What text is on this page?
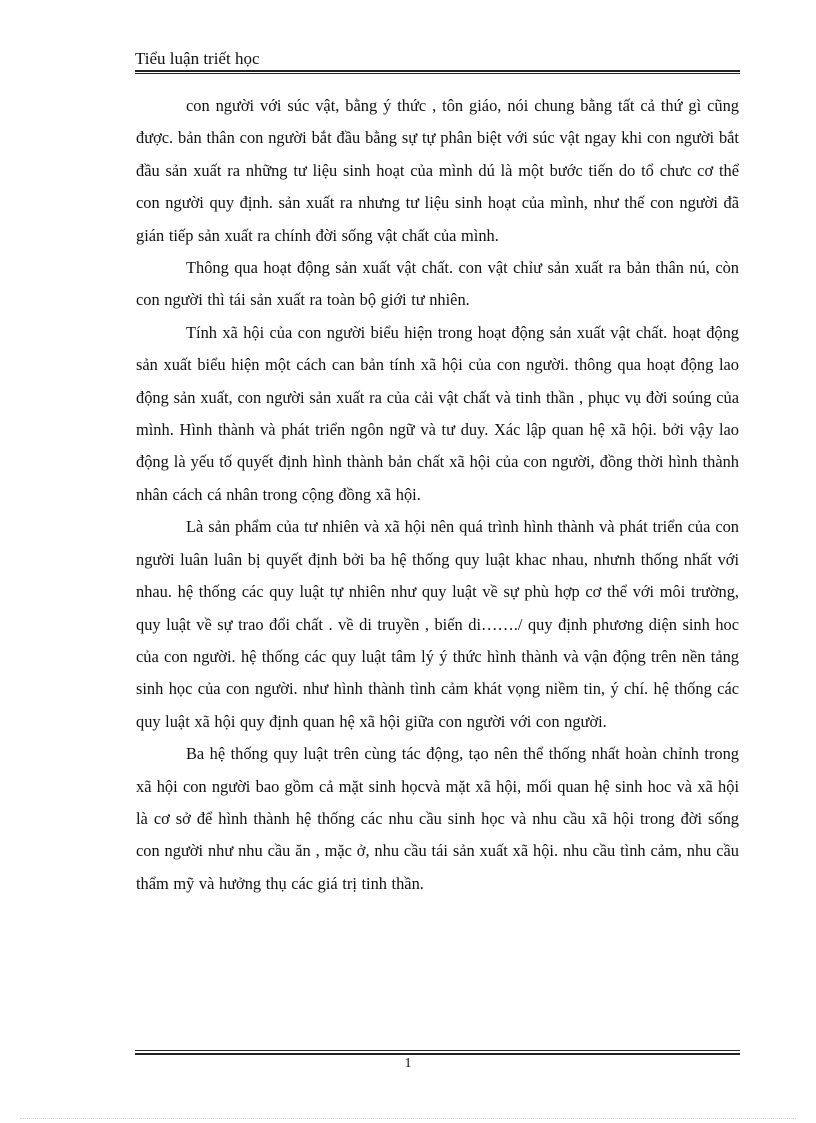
Tiểu luận triết học

con người với súc vật, bằng ý thức , tôn giáo, nói chung bằng tất cả thứ gì cũng được. bản thân con người bắt đầu bằng sự tự phân biệt với súc vật ngay khi con người bắt đầu sản xuất ra những tư liệu sinh hoạt của mình dú là một bước tiến do tổ chưc cơ thể con người quy định. sản xuất ra nhưng tư liệu sinh hoạt của mình, như thế con người đã gián tiếp sản xuất ra chính đời sống vật chất của mình.

Thông qua hoạt động sản xuất vật chất. con vật chỉư sản xuất ra bản thân nú, còn con người thì tái sản xuất ra toàn bộ giới tư nhiên.

Tính xã hội của con người biểu hiện trong hoạt động sản xuất vật chất. hoạt động sản xuất biểu hiện một cách can bản tính xã hội của con người. thông qua hoạt động lao động sản xuất, con người sản xuất ra của cải vật chất và tinh thần , phục vụ đời soúng của mình. Hình thành và phát triển ngôn ngữ và tư duy. Xác lập quan hệ xã hội. bởi vậy lao động là yếu tố quyết định hình thành bản chất xã hội của con người, đồng thời hình thành nhân cách cá nhân trong cộng đồng xã hội.

Là sản phẩm của tư nhiên và xã hội nên quá trình hình thành và phát triển của con người luân luân bị quyết định bởi ba hệ thống quy luật khac nhau, nhưnh thống nhất với nhau. hệ thống các quy luật tự nhiên như quy luật về sự phù hợp cơ thể với môi trường, quy luật về sự trao đổi chất . về di truyền , biến di……./ quy định phương diện sinh hoc của con người. hệ thống các quy luật tâm lý ý thức hình thành và vận động trên nền tảng sinh học của con người. như hình thành tình cảm khát vọng niềm tin, ý chí. hệ thống các quy luật xã hội quy định quan hệ xã hội giữa con người với con người.

Ba hệ thống quy luật trên cùng tác động, tạo nên thể thống nhất hoàn chỉnh trong xã hội con người bao gồm cả mặt sinh họcvà mặt xã hội, mối quan hệ sinh hoc và xã hội là cơ sở để hình thành hệ thống các nhu cầu sinh học và nhu cầu xã hội trong đời sống con người như nhu cầu ăn , mặc ở, nhu cầu tái sản xuất xã hội. nhu cầu tình cảm, nhu cầu thẩm mỹ và hưởng thụ các giá trị tinh thần.

1
